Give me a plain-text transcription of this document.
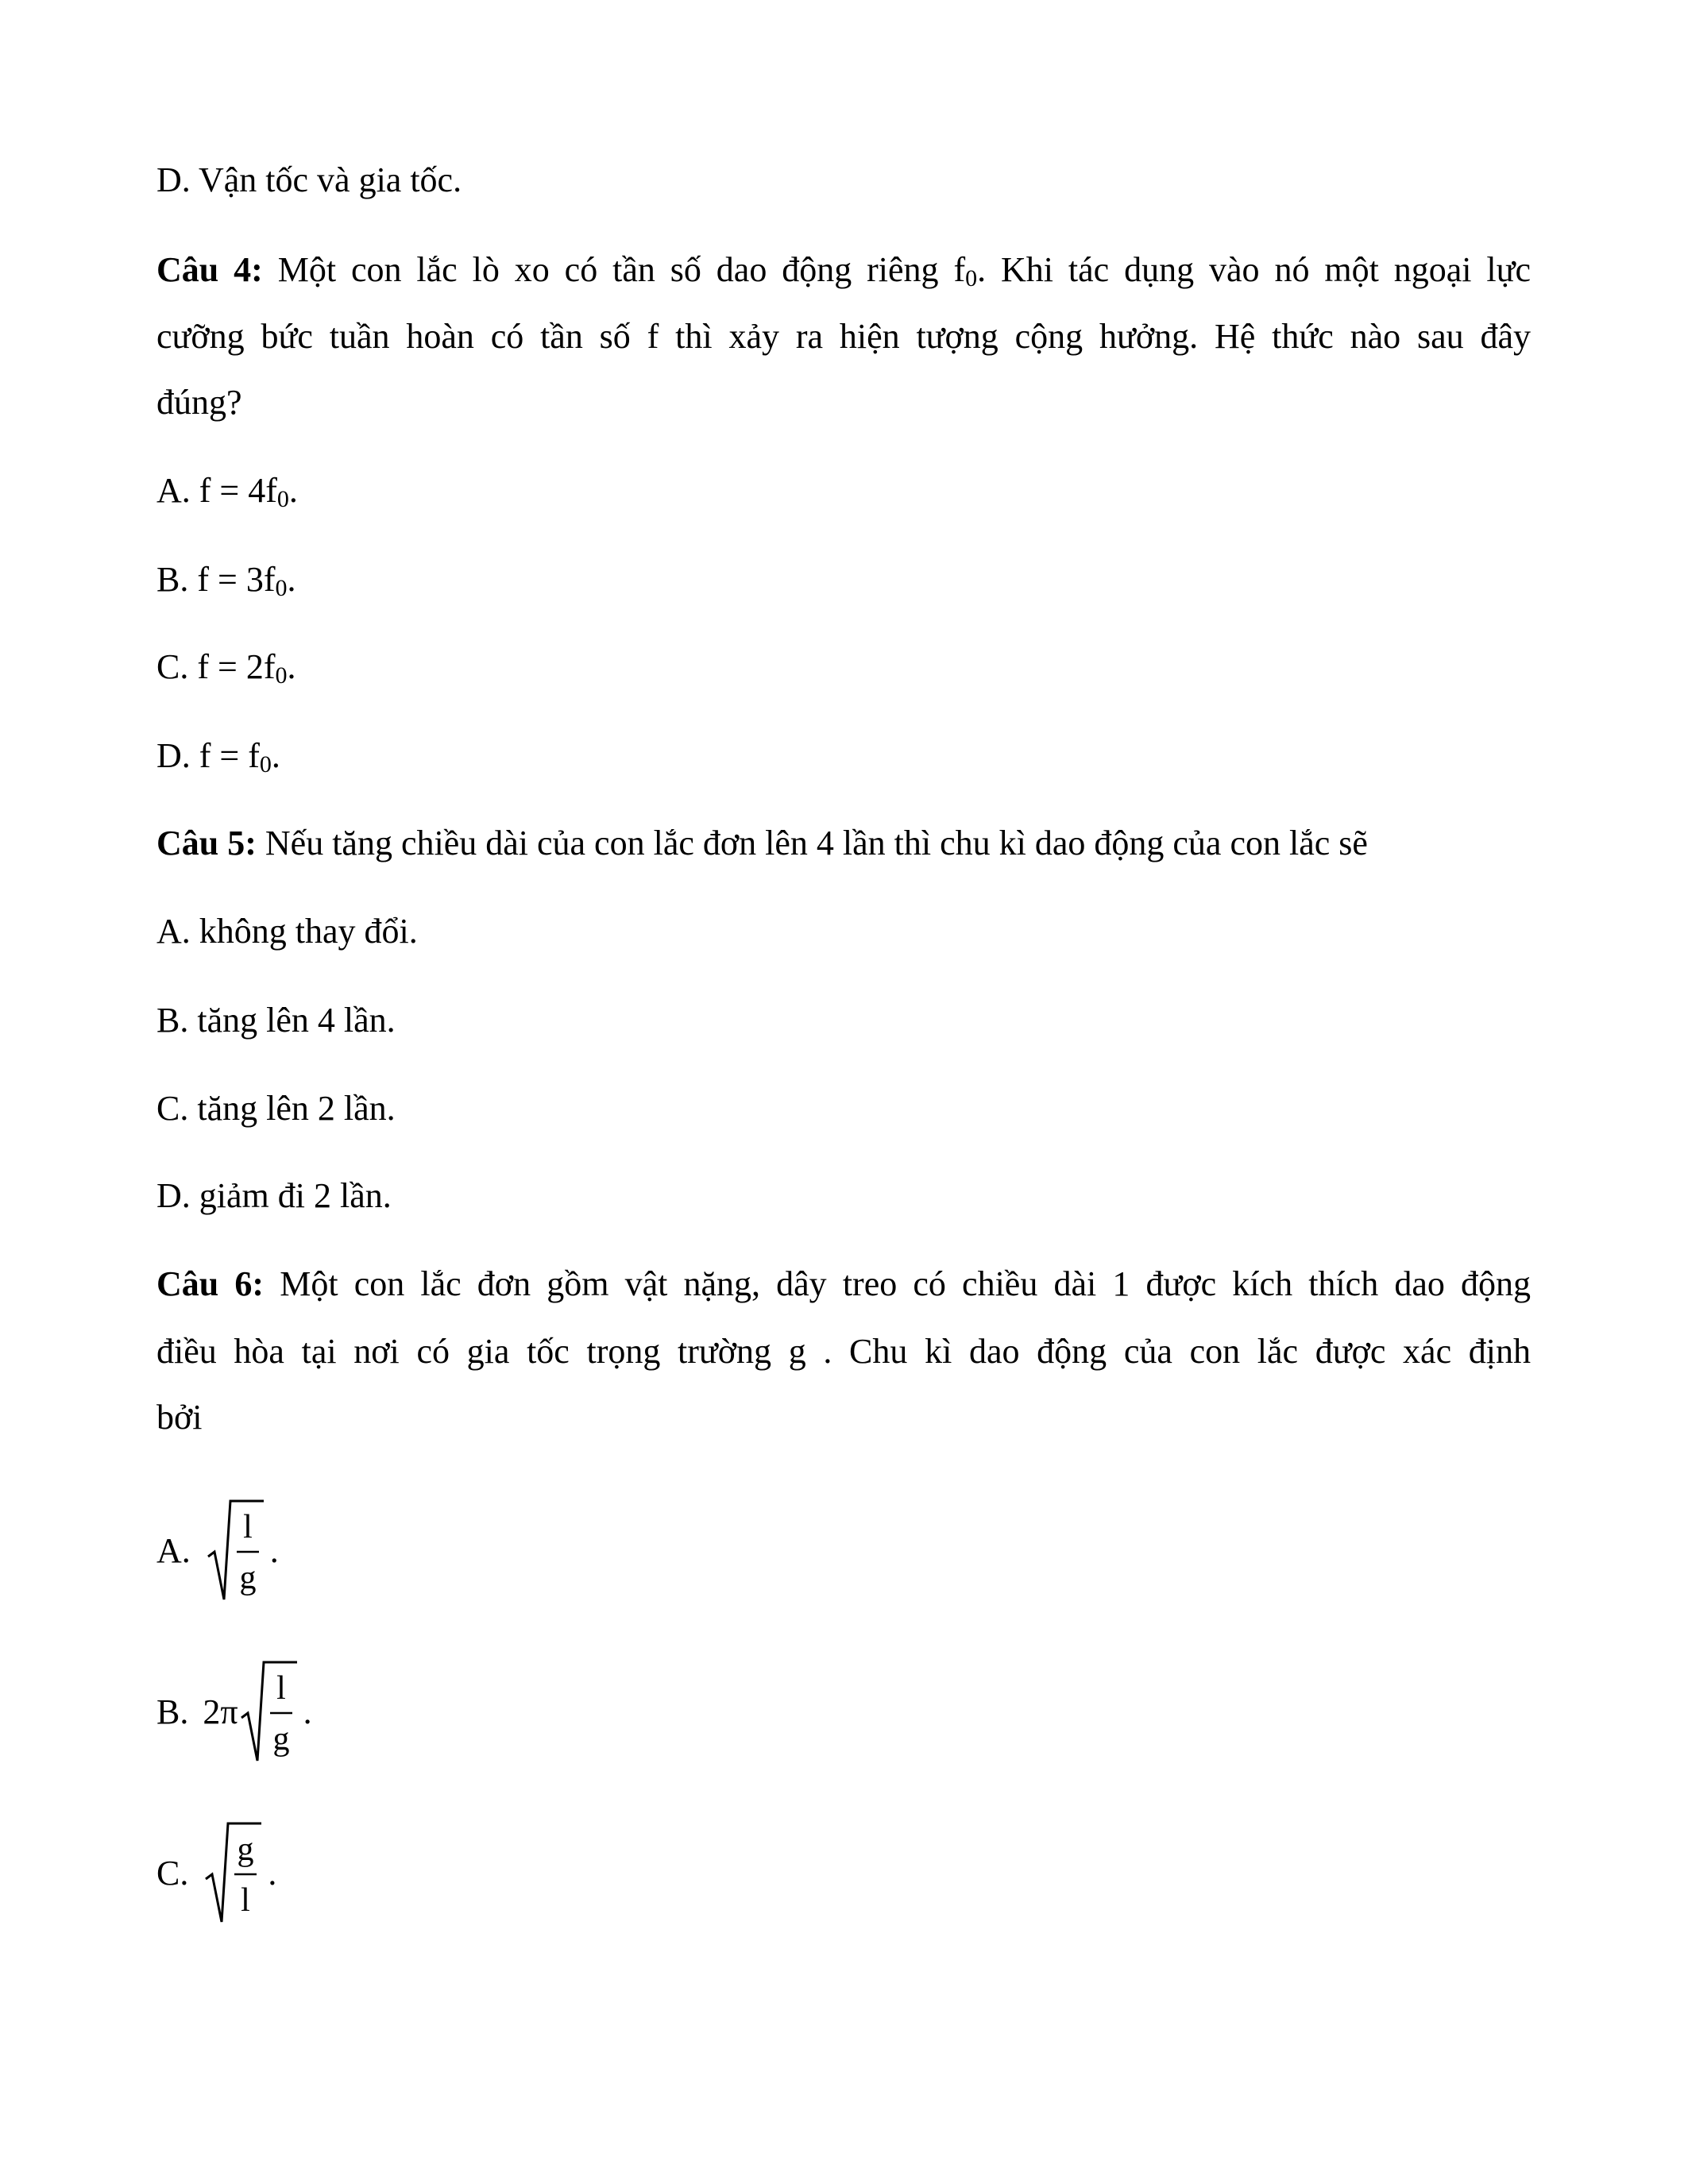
D. Vận tốc và gia tốc.
Câu 4: Một con lắc lò xo có tần số dao động riêng $f_0$. Khi tác dụng vào nó một ngoại lực
cưỡng bức tuần hoàn có tần số f thì xảy ra hiện tượng cộng hưởng. Hệ thức nào sau đây
đúng?
A. $f = 4f_0$.
B. $f = 3f_0$.
C. $f = 2f_0$.
D. $f = f_0$.
Câu 5: Nếu tăng chiều dài của con lắc đơn lên 4 lần thì chu kì dao động của con lắc sẽ
A. không thay đổi.
B. tăng lên 4 lần.
C. tăng lên 2 lần.
D. giảm đi 2 lần.
Câu 6: Một con lắc đơn gồm vật nặng, dây treo có chiều dài 1 được kích thích dao động
điều hòa tại nơi có gia tốc trọng trường g . Chu kì dao động của con lắc được xác định
bởi
A.
l
g
.
B. 2π
l
g
.
C.
g
l
.
